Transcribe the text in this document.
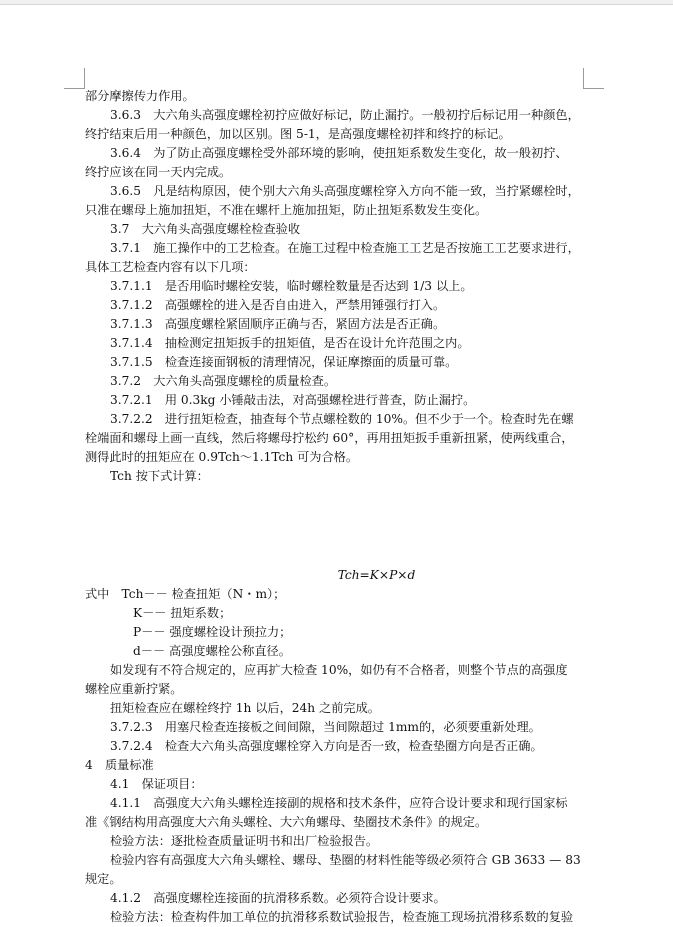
部分摩擦传力作用。

3.6.3　大六角头高强度螺栓初拧应做好标记，防止漏拧。一般初拧后标记用一种颜色，

终拧结束后用一种颜色，加以区别。图 5-1，是高强度螺栓初拌和终拧的标记。

3.6.4　为了防止高强度螺栓受外部环境的影响，使扭矩系数发生变化，故一般初拧、

终拧应该在同一天内完成。

3.6.5　凡是结构原因，使个别大六角头高强度螺栓穿入方向不能一致，当拧紧螺栓时，

只准在螺母上施加扭矩，不准在螺杆上施加扭矩，防止扭矩系数发生变化。

3.7　大六角头高强度螺栓检查验收

3.7.1　施工操作中的工艺检查。在施工过程中检查施工工艺是否按施工工艺要求进行，

具体工艺检查内容有以下几项：

3.7.1.1　是否用临时螺栓安装，临时螺栓数量是否达到 1/3 以上。

3.7.1.2　高强螺栓的进入是否自由进入，严禁用锤强行打入。

3.7.1.3　高强度螺栓紧固顺序正确与否，紧固方法是否正确。

3.7.1.4　抽检测定扭矩扳手的扭矩值，是否在设计允许范围之内。

3.7.1.5　检查连接面钢板的清理情况，保证摩擦面的质量可靠。

3.7.2　大六角头高强度螺栓的质量检查。

3.7.2.1　用 0.3kg 小锤敲击法，对高强螺栓进行普查，防止漏拧。

3.7.2.2　进行扭矩检查，抽查每个节点螺栓数的 10%。但不少于一个。检查时先在螺

栓端面和螺母上画一直线，然后将螺母拧松约 60°，再用扭矩扳手重新扭紧，使两线重合，

测得此时的扭矩应在 0.9Tch～1.1Tch 可为合格。

Tch 按下式计算：

Tch=K×P×d

式中　Tch－－ 检查扭矩（N・m）；

K－－ 扭矩系数；

P－－ 强度螺栓设计预拉力；

d－－ 高强度螺栓公称直径。

如发现有不符合规定的，应再扩大检查 10%，如仍有不合格者，则整个节点的高强度

螺栓应重新拧紧。

扭矩检查应在螺栓终拧 1h 以后，24h 之前完成。

3.7.2.3　用塞尺检查连接板之间间隙，当间隙超过 1mm的，必须要重新处理。

3.7.2.4　检查大六角头高强度螺栓穿入方向是否一致，检查垫圈方向是否正确。

4　质量标准

4.1　保证项目：

4.1.1　高强度大六角头螺栓连接副的规格和技术条件，应符合设计要求和现行国家标

准《钢结构用高强度大六角头螺栓、大六角螺母、垫圈技术条件》的规定。

检验方法：逐批检查质量证明书和出厂检验报告。

检验内容有高强度大六角头螺栓、螺母、垫圈的材料性能等级必须符合 GB 3633 — 83

规定。

4.1.2　高强度螺栓连接面的抗滑移系数。必须符合设计要求。

检验方法：检查构件加工单位的抗滑移系数试验报告，检查施工现场抗滑移系数的复验
